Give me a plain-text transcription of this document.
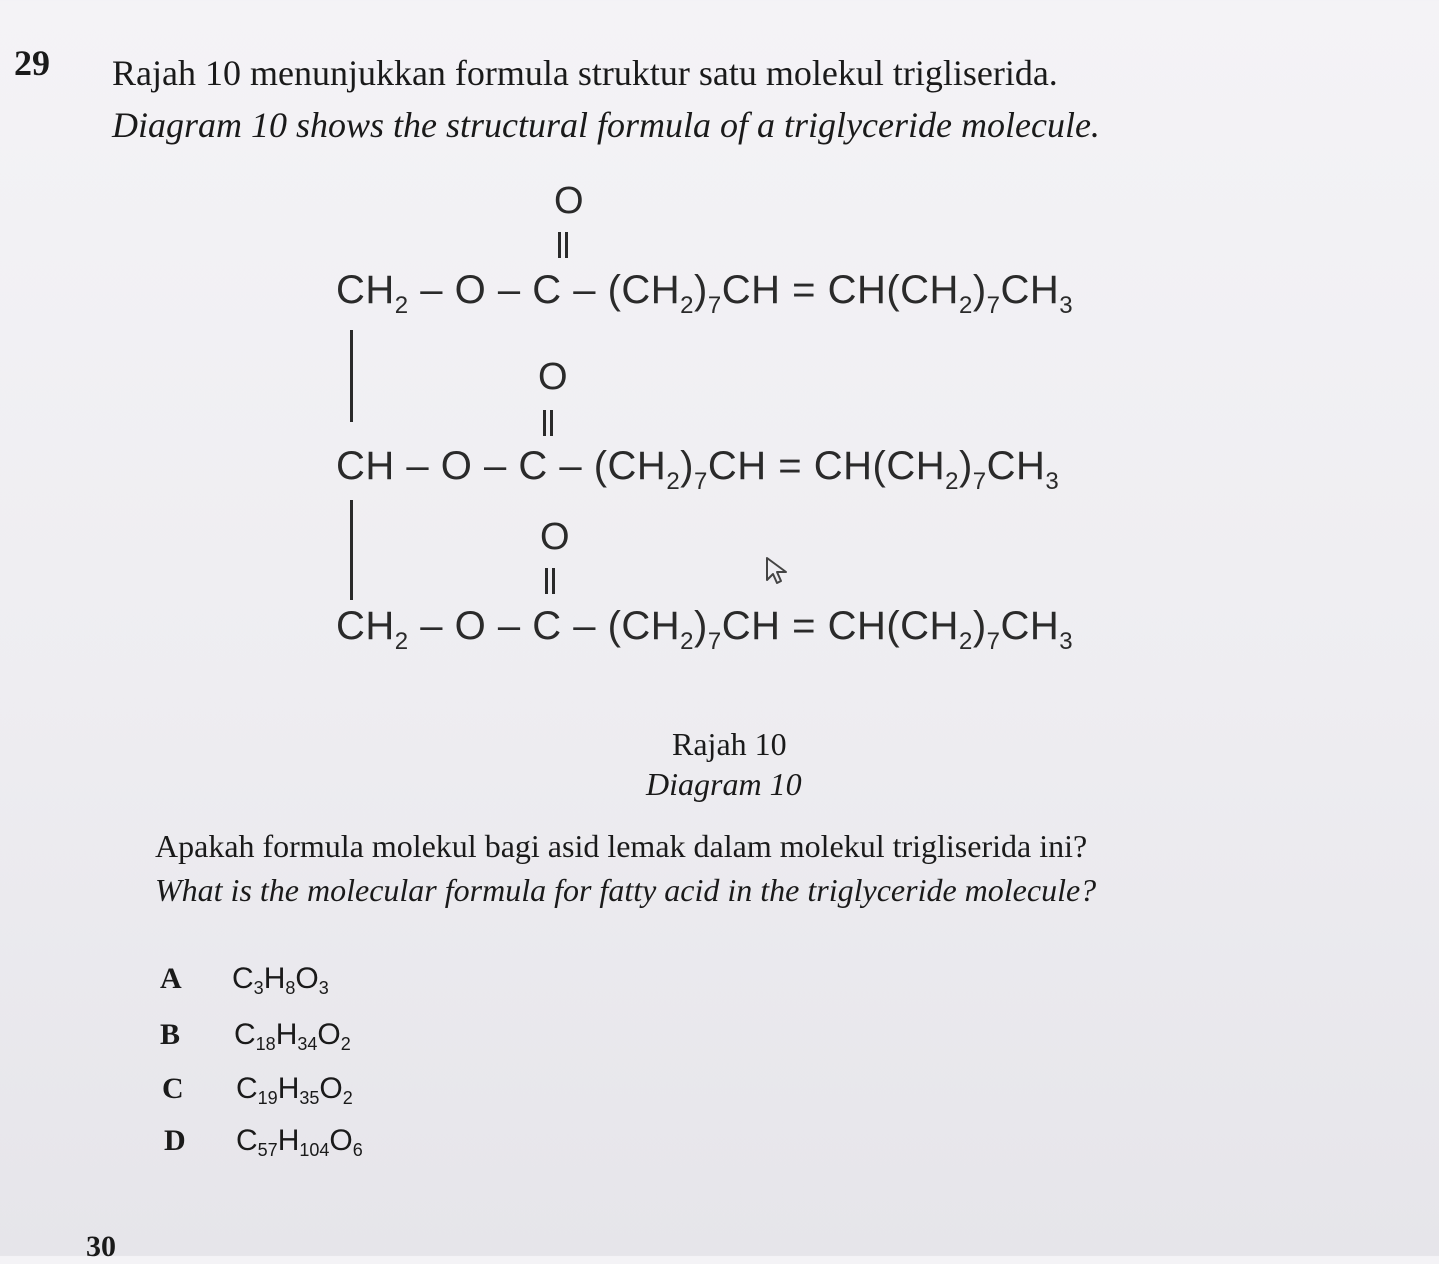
29 Rajah 10 menunjukkan formula struktur satu molekul trigliserida.
Diagram 10 shows the structural formula of a triglyceride molecule.
O
$CH_2 - O - C - (CH_2)_7CH = CH(CH_2)_7CH_3$
O
CH – $O - C - (CH_2)_7CH = CH(CH_2)_7CH_3$
O
$CH_2 - O - C - (CH_2)_7CH = CH(CH_2)_7CH_3$
Rajah 10
Diagram 10
Apakah formula molekul bagi asid lemak dalam molekul trigliserida ini?
What is the molecular formula for fatty acid in the triglyceride molecule?
A $C_3H_8O_3$
B $C_{18}H_{34}O_2$
C $C_{19}H_{35}O_2$
D $C_{57}H_{104}O_6$
30
